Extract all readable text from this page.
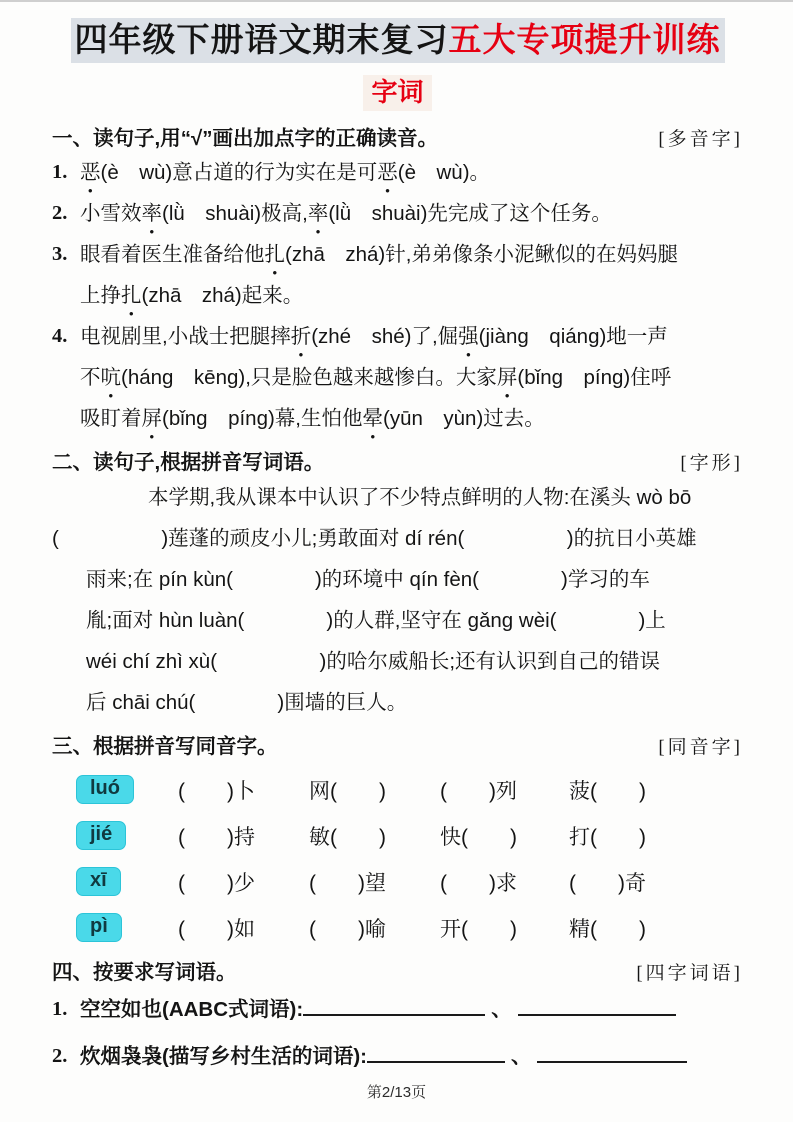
四年级下册语文期末复习五大专项提升训练
字词
一、读句子,用“√”画出加点字的正确读音。	[多音字]
1. 恶(è　wù)意占道的行为实在是可恶(è　wù)。
2. 小雪效率(lǜ　shuài)极高,率(lǜ　shuài)先完成了这个任务。
3. 眼看着医生准备给他扎(zhā　zhá)针,弟弟像条小泥鳅似的在妈妈腿
上挣扎(zhā　zhá)起来。
4. 电视剧里,小战士把腿摔折(zhé　shé)了,倔强(jiàng　qiáng)地一声
不吭(háng　kēng),只是脸色越来越惨白。大家屏(bǐng　píng)住呼
吸盯着屏(bǐng　píng)幕,生怕他晕(yūn　yùn)过去。
二、读句子,根据拼音写词语。	[字形]
本学期,我从课本中认识了不少特点鲜明的人物:在溪头 wò bō
(　　　　　)莲蓬的顽皮小儿;勇敢面对 dí rén(　　　　　)的抗日小英雄
雨来;在 pín kùn(　　　　)的环境中 qín fèn(　　　　)学习的车
胤;面对 hùn luàn(　　　　)的人群,坚守在 gǎng wèi(　　　　)上
wéi chí zhì xù(　　　　　)的哈尔威船长;还有认识到自己的错误
后 chāi chú(　　　　)围墙的巨人。
三、根据拼音写同音字。	[同音字]
luó	(　　)卜	网(　　)	(　　)列	菠(　　)
jié	(　　)持	敏(　　)	快(　　)	打(　　)
xī	(　　)少	(　　)望	(　　)求	(　　)奇
pì	(　　)如	(　　)喻	开(　　)	精(　　)
四、按要求写词语。	[四字词语]
1. 空空如也(AABC式词语):	、
2. 炊烟袅袅(描写乡村生活的词语):	、
第2/13页
